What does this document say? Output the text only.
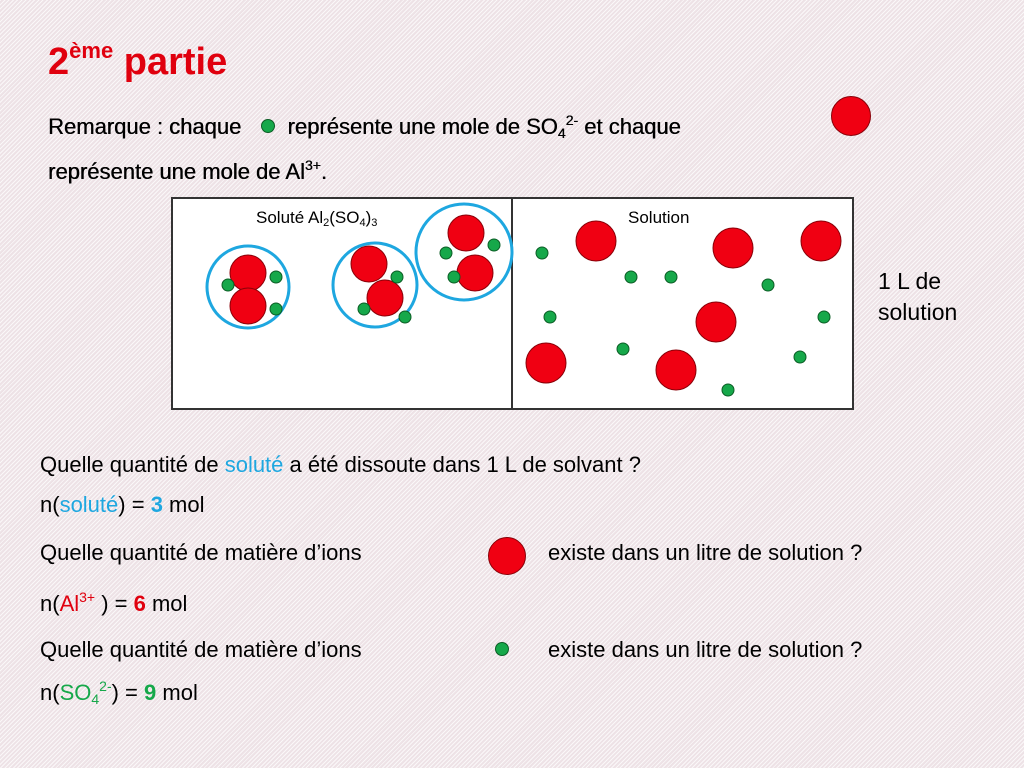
2ème partie
Remarque : chaque représente une mole de $SO_4^{2-}$ et chaque
représente une mole de $Al^{3+}$.
Soluté $Al_2(SO_4)_3$	Solution
1 L de
solution
Quelle quantité de soluté a été dissoute dans 1 L de solvant ?
n(soluté) = 3 mol
Quelle quantité de matière d’ions	existe dans un litre de solution ?
$n(Al^{3+}$ ) = 6 mol
Quelle quantité de matière d’ions	existe dans un litre de solution ?
$n(SO_4^{2-}) = 9$ mol
